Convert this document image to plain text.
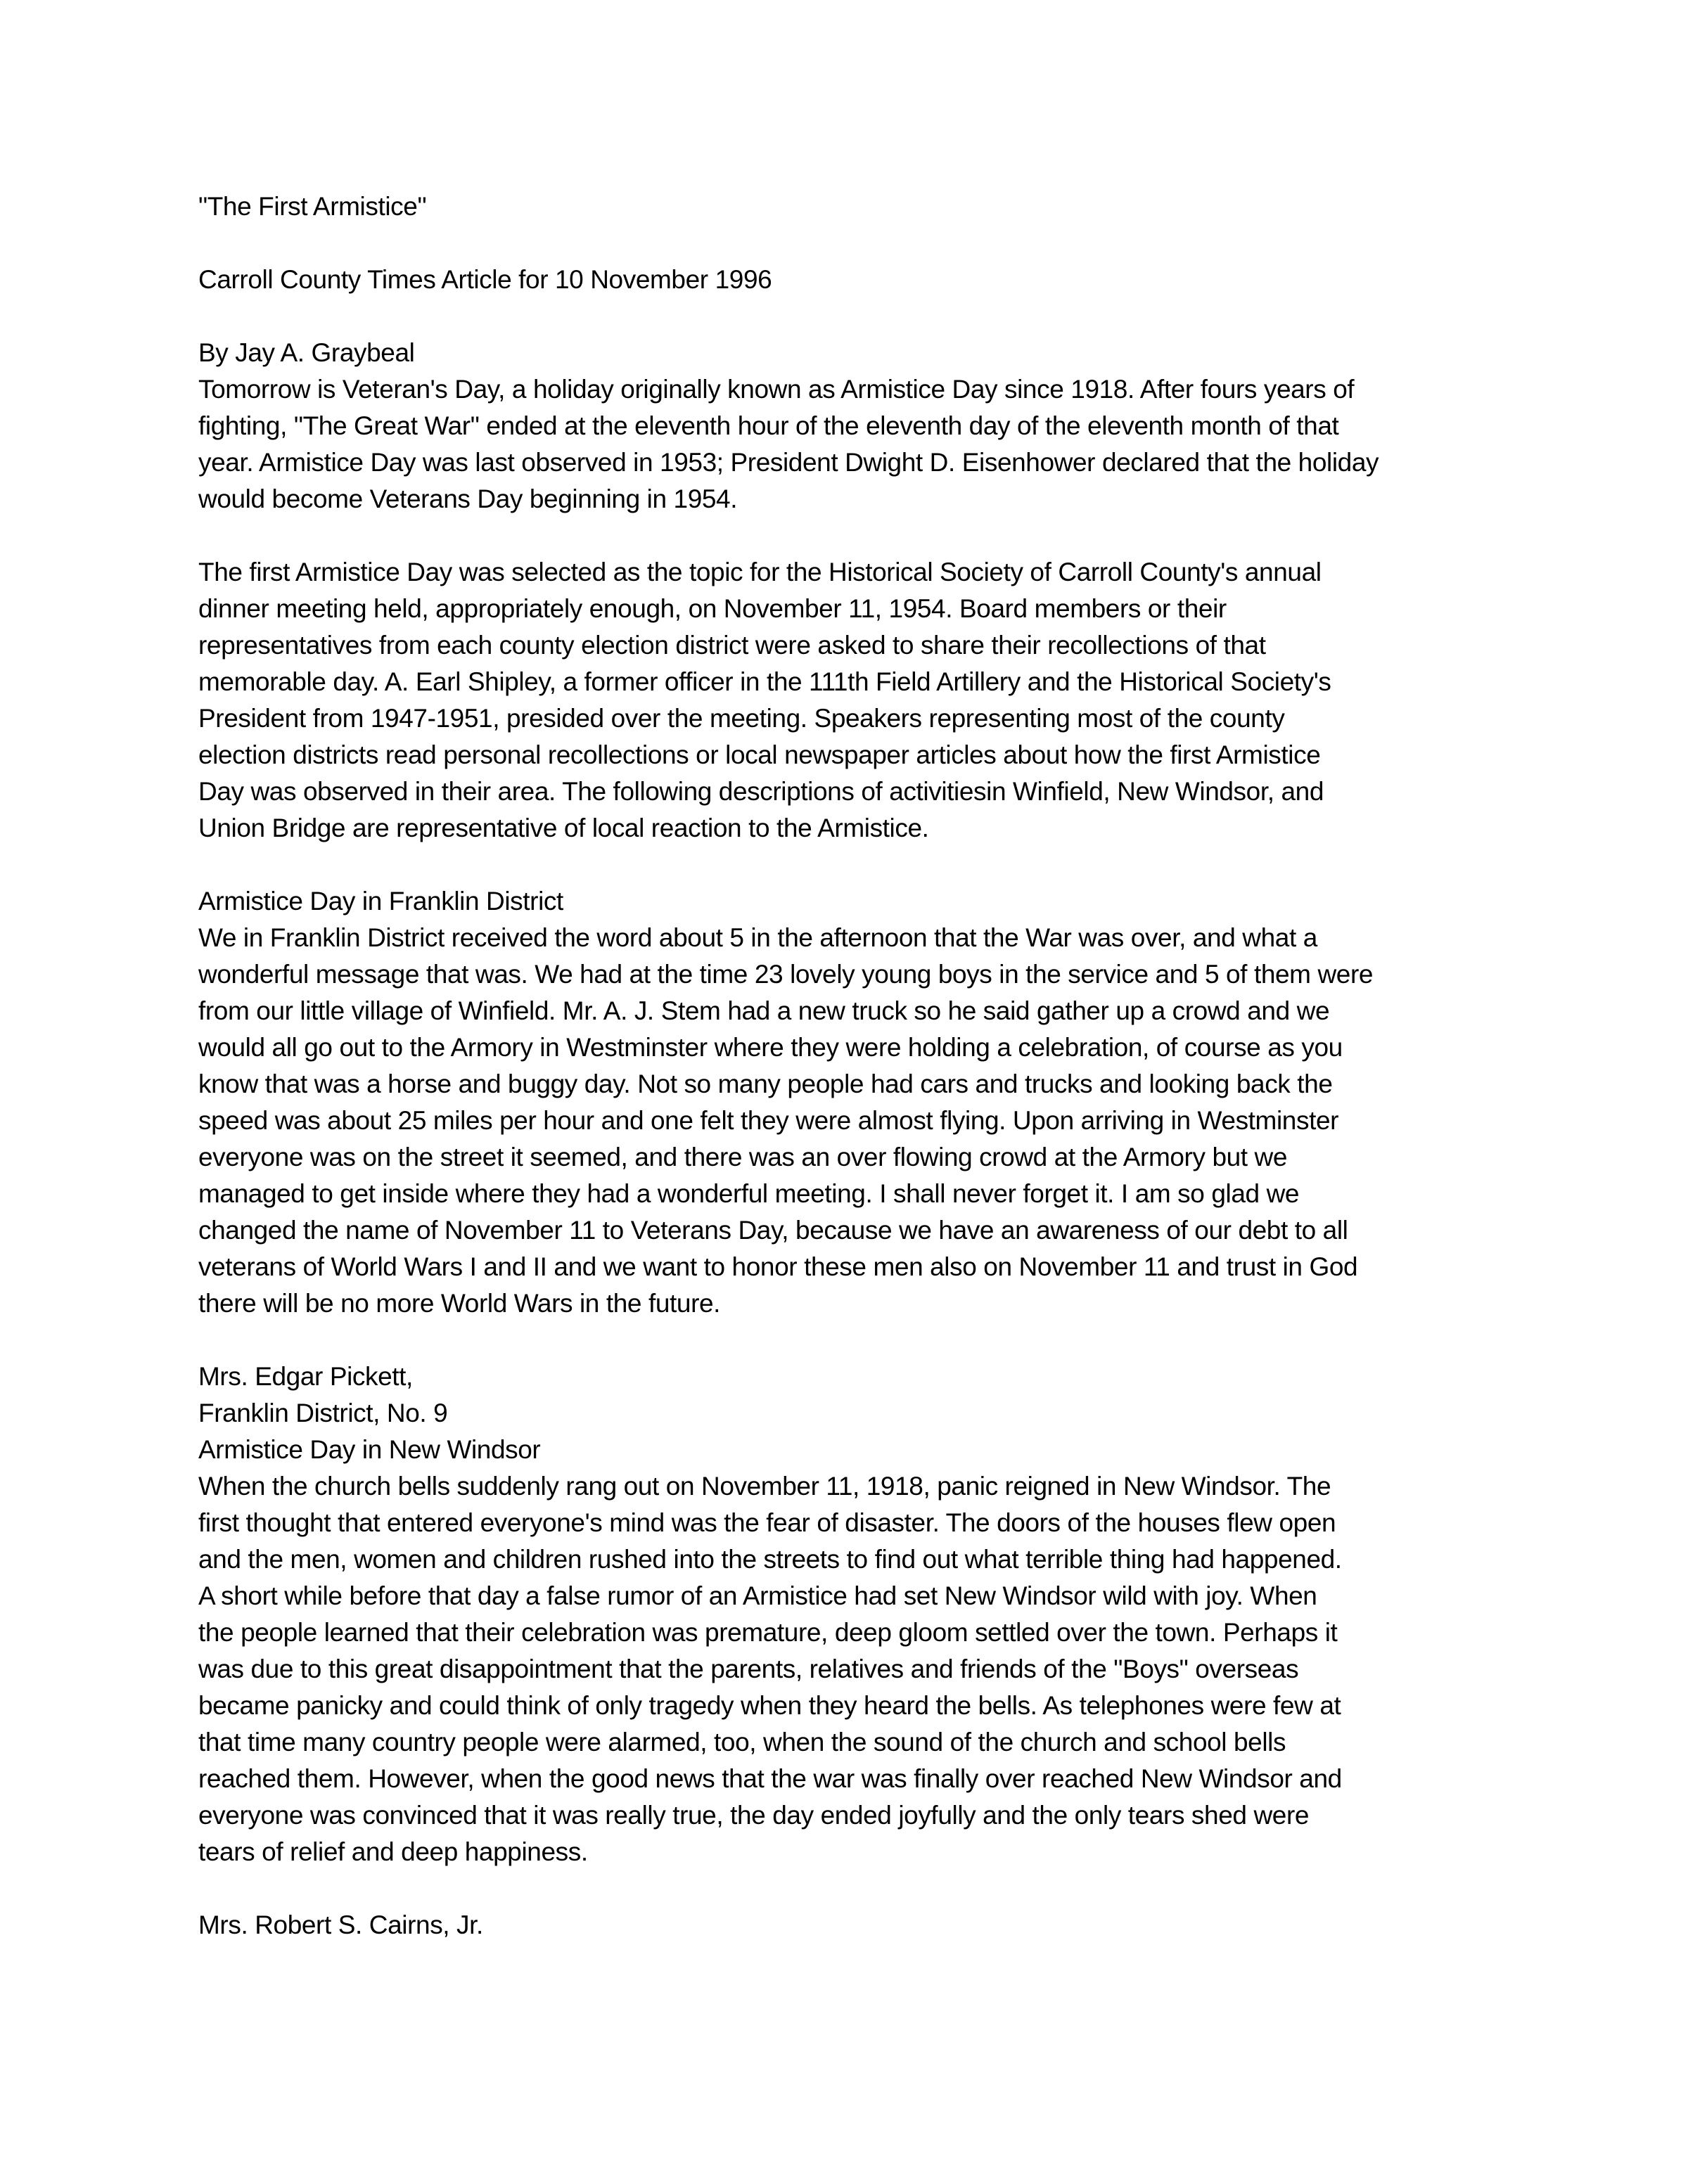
"The First Armistice"
Carroll County Times Article for 10 November 1996
By Jay A. Graybeal
Tomorrow is Veteran's Day, a holiday originally known as Armistice Day since 1918. After fours years of
fighting, "The Great War" ended at the eleventh hour of the eleventh day of the eleventh month of that
year. Armistice Day was last observed in 1953; President Dwight D. Eisenhower declared that the holiday
would become Veterans Day beginning in 1954.
The first Armistice Day was selected as the topic for the Historical Society of Carroll County's annual
dinner meeting held, appropriately enough, on November 11, 1954. Board members or their
representatives from each county election district were asked to share their recollections of that
memorable day. A. Earl Shipley, a former officer in the 111th Field Artillery and the Historical Society's
President from 1947-1951, presided over the meeting. Speakers representing most of the county
election districts read personal recollections or local newspaper articles about how the first Armistice
Day was observed in their area. The following descriptions of activitiesin Winfield, New Windsor, and
Union Bridge are representative of local reaction to the Armistice.
Armistice Day in Franklin District
We in Franklin District received the word about 5 in the afternoon that the War was over, and what a
wonderful message that was. We had at the time 23 lovely young boys in the service and 5 of them were
from our little village of Winfield. Mr. A. J. Stem had a new truck so he said gather up a crowd and we
would all go out to the Armory in Westminster where they were holding a celebration, of course as you
know that was a horse and buggy day. Not so many people had cars and trucks and looking back the
speed was about 25 miles per hour and one felt they were almost flying. Upon arriving in Westminster
everyone was on the street it seemed, and there was an over flowing crowd at the Armory but we
managed to get inside where they had a wonderful meeting. I shall never forget it. I am so glad we
changed the name of November 11 to Veterans Day, because we have an awareness of our debt to all
veterans of World Wars I and II and we want to honor these men also on November 11 and trust in God
there will be no more World Wars in the future.
Mrs. Edgar Pickett,
Franklin District, No. 9
Armistice Day in New Windsor
When the church bells suddenly rang out on November 11, 1918, panic reigned in New Windsor. The
first thought that entered everyone's mind was the fear of disaster. The doors of the houses flew open
and the men, women and children rushed into the streets to find out what terrible thing had happened.
A short while before that day a false rumor of an Armistice had set New Windsor wild with joy. When
the people learned that their celebration was premature, deep gloom settled over the town. Perhaps it
was due to this great disappointment that the parents, relatives and friends of the "Boys" overseas
became panicky and could think of only tragedy when they heard the bells. As telephones were few at
that time many country people were alarmed, too, when the sound of the church and school bells
reached them. However, when the good news that the war was finally over reached New Windsor and
everyone was convinced that it was really true, the day ended joyfully and the only tears shed were
tears of relief and deep happiness.
Mrs. Robert S. Cairns, Jr.
